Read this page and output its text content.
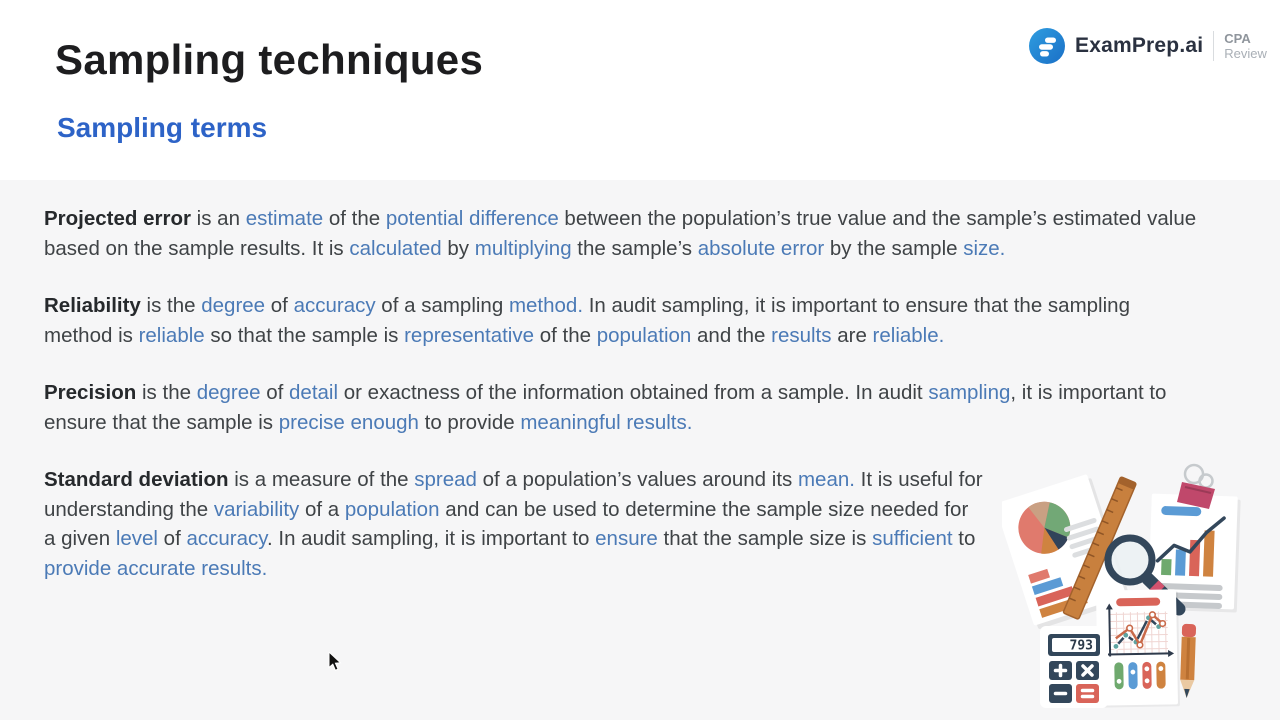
Sampling techniques
Sampling terms
ExamPrep.ai CPA
Review

Projected error is an estimate of the potential difference between the population’s true value and the sample’s estimated value based on the sample results. It is calculated by multiplying the sample’s absolute error by the sample size.

Reliability is the degree of accuracy of a sampling method. In audit sampling, it is important to ensure that the sampling method is reliable so that the sample is representative of the population and the results are reliable.

Precision is the degree of detail or exactness of the information obtained from a sample. In audit sampling, it is important to ensure that the sample is precise enough to provide meaningful results.

Standard deviation is a measure of the spread of a population’s values around its mean. It is useful for understanding the variability of a population and can be used to determine the sample size needed for a given level of accuracy. In audit sampling, it is important to ensure that the sample size is sufficient to provide accurate results.

793
